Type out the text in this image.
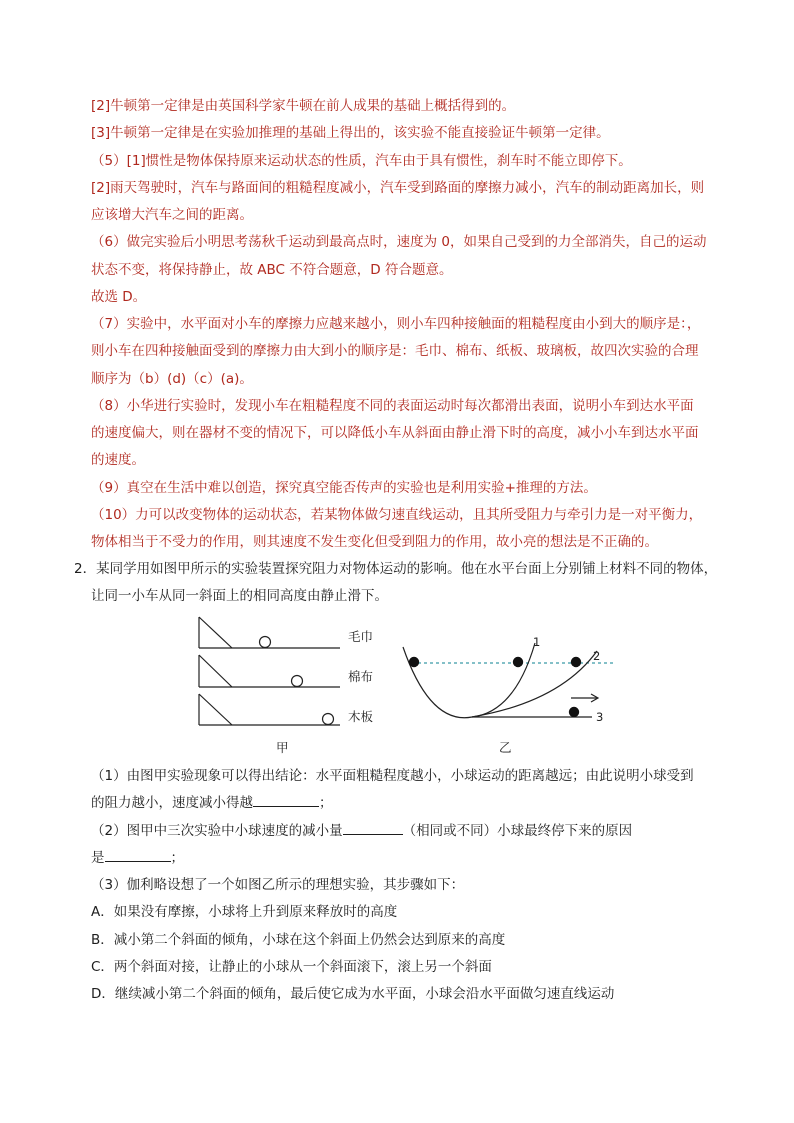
[2]牛顿第一定律是由英国科学家牛顿在前人成果的基础上概括得到的。
[3]牛顿第一定律是在实验加推理的基础上得出的，该实验不能直接验证牛顿第一定律。
（5）[1]惯性是物体保持原来运动状态的性质，汽车由于具有惯性，刹车时不能立即停下。
[2]雨天驾驶时，汽车与路面间的粗糙程度减小，汽车受到路面的摩擦力减小，汽车的制动距离加长，则
应该增大汽车之间的距离。
（6）做完实验后小明思考荡秋千运动到最高点时，速度为 0，如果自己受到的力全部消失，自己的运动
状态不变，将保持静止，故 ABC 不符合题意，D 符合题意。
故选 D。
（7）实验中，水平面对小车的摩擦力应越来越小，则小车四种接触面的粗糙程度由小到大的顺序是：，
则小车在四种接触面受到的摩擦力由大到小的顺序是：毛巾、棉布、纸板、玻璃板，故四次实验的合理
顺序为（b）(d)（c）(a)。
（8）小华进行实验时，发现小车在粗糙程度不同的表面运动时每次都滑出表面，说明小车到达水平面
的速度偏大，则在器材不变的情况下，可以降低小车从斜面由静止滑下时的高度，减小小车到达水平面
的速度。
（9）真空在生活中难以创造，探究真空能否传声的实验也是利用实验+推理的方法。
（10）力可以改变物体的运动状态，若某物体做匀速直线运动，且其所受阻力与牵引力是一对平衡力，
物体相当于不受力的作用，则其速度不发生变化但受到阻力的作用，故小亮的想法是不正确的。
2．某同学用如图甲所示的实验装置探究阻力对物体运动的影响。他在水平台面上分别铺上材料不同的物体，
让同一小车从同一斜面上的相同高度由静止滑下。
毛巾
棉布
木板
甲
1
2
3
乙
（1）由图甲实验现象可以得出结论：水平面粗糙程度越小，小球运动的距离越远；由此说明小球受到
的阻力越小，速度减小得越	；
（2）图甲中三次实验中小球速度的减小量	（相同或不同）小球最终停下来的原因
是	；
（3）伽利略设想了一个如图乙所示的理想实验，其步骤如下：
A．如果没有摩擦，小球将上升到原来释放时的高度
B．减小第二个斜面的倾角，小球在这个斜面上仍然会达到原来的高度
C．两个斜面对接，让静止的小球从一个斜面滚下，滚上另一个斜面
D．继续减小第二个斜面的倾角，最后使它成为水平面，小球会沿水平面做匀速直线运动
